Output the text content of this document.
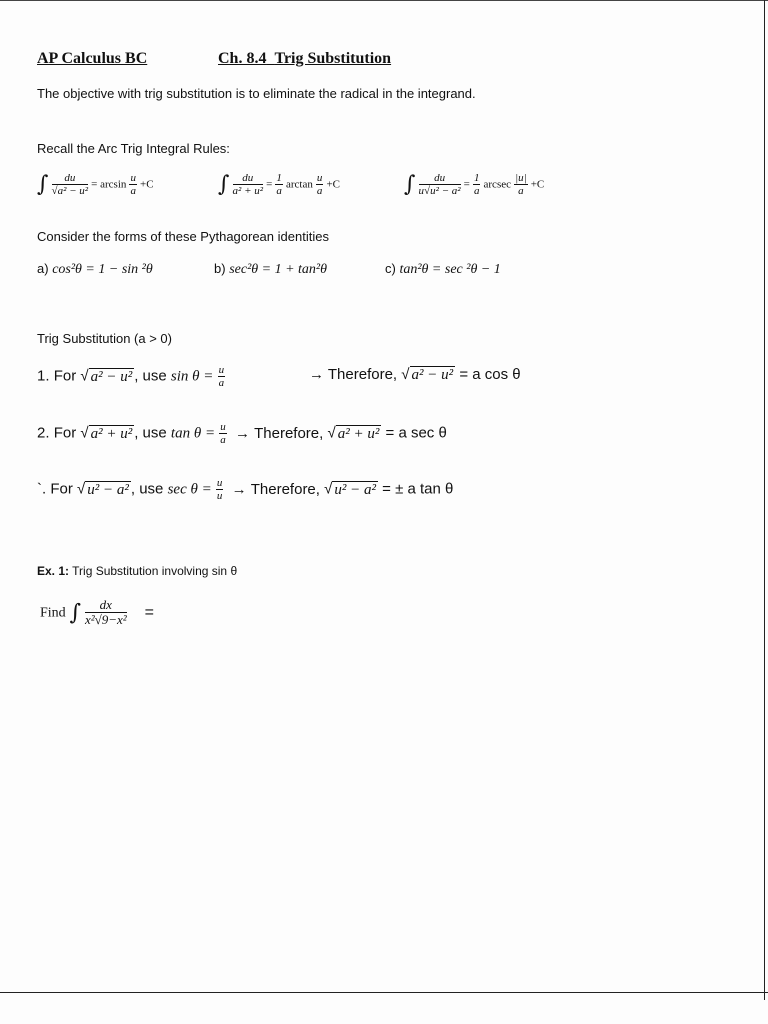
AP Calculus BC	Ch. 8.4 Trig Substitution
The objective with trig substitution is to eliminate the radical in the integrand.
Recall the Arc Trig Integral Rules:
∫ $\frac{du}{\text{√a² − u²}} = \arcsin \frac{u}{a} +C$	∫ $\frac{du}{\text{a² + u²}} = \frac{1}{a}$ $\arctan \frac{u}{a} +C$	∫ $\frac{du}{\text{u√u² − a²}} = \frac{1}{a}$ arcsec $\frac{|u|}{a} +C$
Consider the forms of these Pythagorean identities
a) cos²θ = 1 − sin ²θ	b) sec²θ = 1 + tan²θ	c) tan²θ = sec ²θ − 1
Trig Substitution (a > 0)
1. For √ a² − u² , use $\sin \theta = \frac{u}{a}$	→ Therefore, √ a² − u² = a cos θ
2. For √ a² + u² , use $\tan \theta = \frac{u}{a}$ → Therefore, √ a² + u² = a sec θ
`. For √ u² − a² , use $\sec \theta = \frac{u}{u}$ → Therefore, √ u² − a² = ± a tan θ
Ex. 1: Trig Substitution involving sin θ
Find ∫ $\frac{dx}{\text{x²√9−x²}}$ =
